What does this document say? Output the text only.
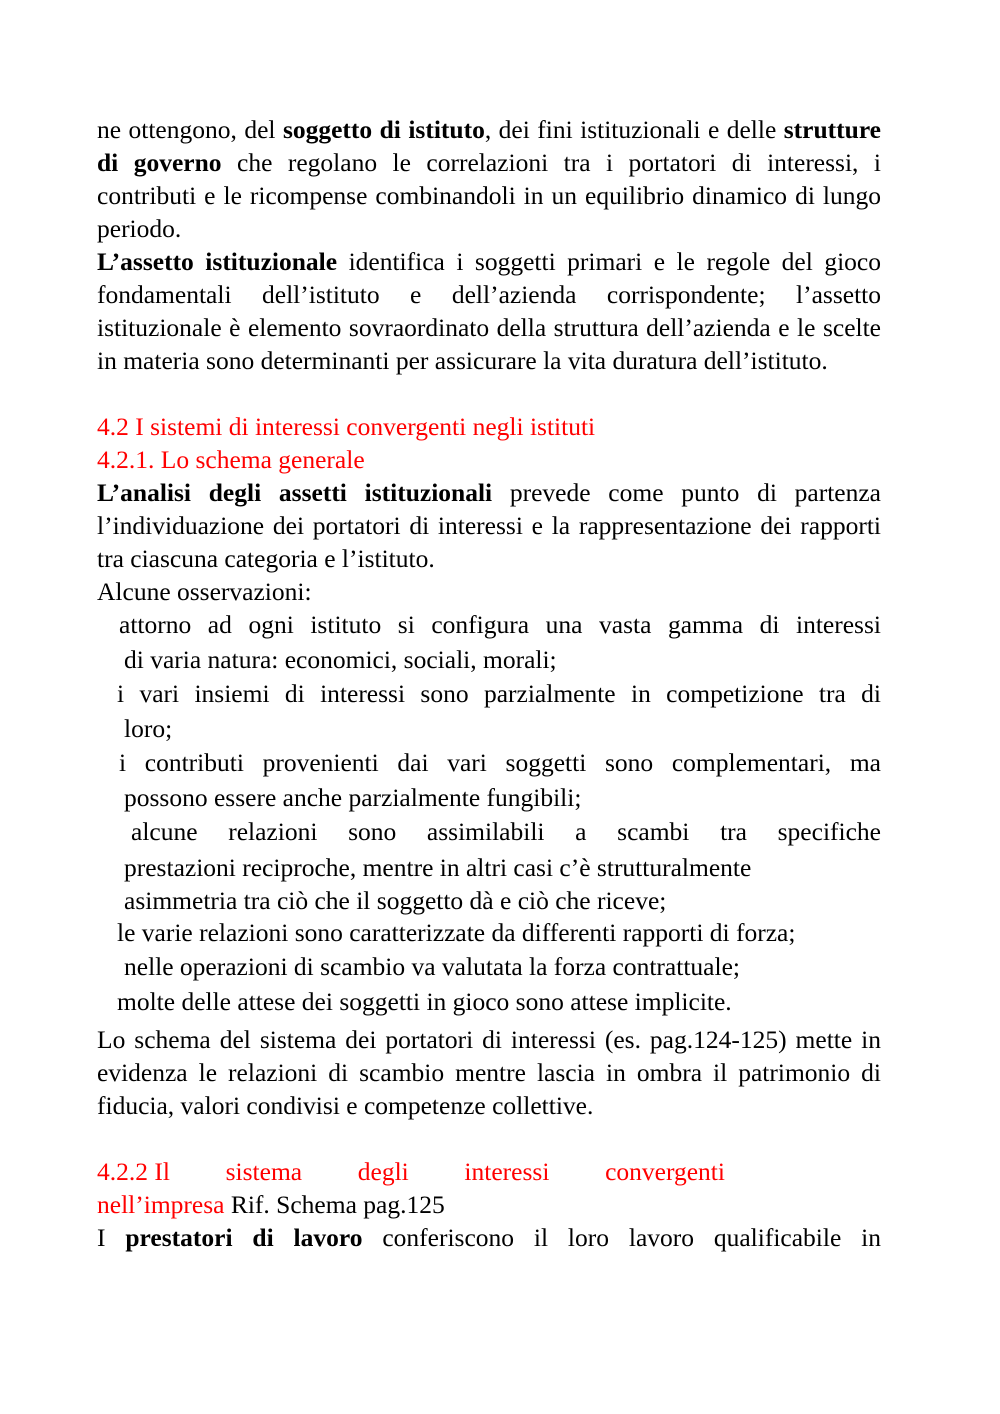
ne ottengono, del soggetto di istituto, dei fini istituzionali e delle strutture di governo che regolano le correlazioni tra i portatori di interessi, i contributi e le ricompense combinandoli in un equilibrio dinamico di lungo periodo.

L’assetto istituzionale identifica i soggetti primari e le regole del gioco fondamentali dell’istituto e dell’azienda corrispondente; l’assetto istituzionale è elemento sovraordinato della struttura dell’azienda e le scelte in materia sono determinanti per assicurare la vita duratura dell’istituto.

4.2 I sistemi di interessi convergenti negli istituti
4.2.1. Lo schema generale

L’analisi degli assetti istituzionali prevede come punto di partenza l’individuazione dei portatori di interessi e la rappresentazione dei rapporti tra ciascuna categoria e l’istituto.

Alcune osservazioni:
attorno ad ogni istituto si configura una vasta gamma di interessi
di varia natura: economici, sociali, morali;
i vari insiemi di interessi sono parzialmente in competizione tra di
loro;
i contributi provenienti dai vari soggetti sono complementari, ma
possono essere anche parzialmente fungibili;
alcune relazioni sono assimilabili a scambi tra specifiche
prestazioni reciproche, mentre in altri casi c’è strutturalmente
asimmetria tra ciò che il soggetto dà e ciò che riceve;
le varie relazioni sono caratterizzate da differenti rapporti di forza;
nelle operazioni di scambio va valutata la forza contrattuale;
molte delle attese dei soggetti in gioco sono attese implicite.

Lo schema del sistema dei portatori di interessi (es. pag.124-125) mette in evidenza le relazioni di scambio mentre lascia in ombra il patrimonio di fiducia, valori condivisi e competenze collettive.

4.2.2 Il sistema degli interessi convergenti
nell’impresa Rif. Schema pag.125

I prestatori di lavoro conferiscono il loro lavoro qualificabile in
